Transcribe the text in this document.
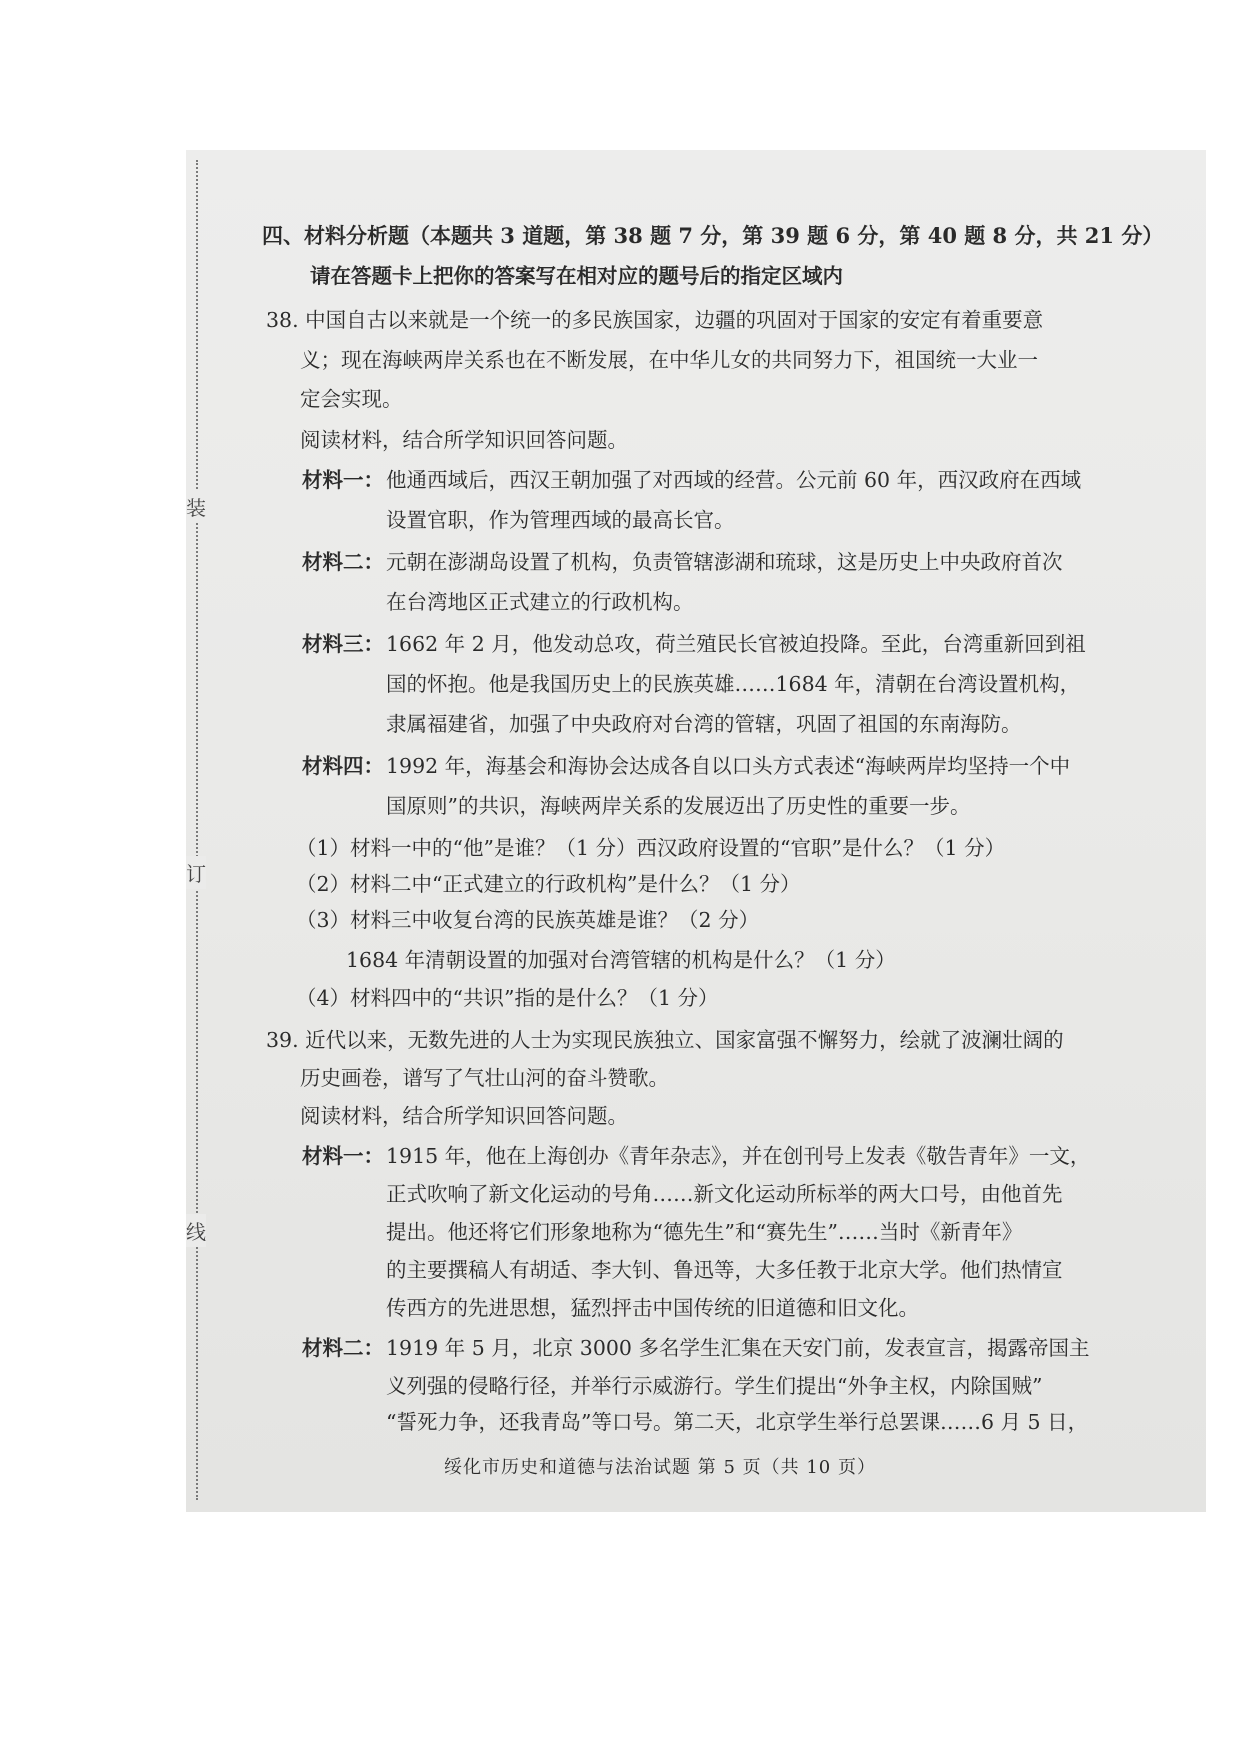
装
订
线
四、材料分析题（本题共 3 道题，第 38 题 7 分，第 39 题 6 分，第 40 题 8 分，共 21 分）
请在答题卡上把你的答案写在相对应的题号后的指定区域内
38. 中国自古以来就是一个统一的多民族国家，边疆的巩固对于国家的安定有着重要意
义；现在海峡两岸关系也在不断发展，在中华儿女的共同努力下，祖国统一大业一
定会实现。
阅读材料，结合所学知识回答问题。
材料一： 他通西域后，西汉王朝加强了对西域的经营。公元前 60 年，西汉政府在西域
设置官职，作为管理西域的最高长官。
材料二： 元朝在澎湖岛设置了机构，负责管辖澎湖和琉球，这是历史上中央政府首次
在台湾地区正式建立的行政机构。
材料三： 1662 年 2 月，他发动总攻，荷兰殖民长官被迫投降。至此，台湾重新回到祖
国的怀抱。他是我国历史上的民族英雄……1684 年，清朝在台湾设置机构，
隶属福建省，加强了中央政府对台湾的管辖，巩固了祖国的东南海防。
材料四： 1992 年，海基会和海协会达成各自以口头方式表述“海峡两岸均坚持一个中
国原则”的共识，海峡两岸关系的发展迈出了历史性的重要一步。
（1）材料一中的“他”是谁？（1 分）西汉政府设置的“官职”是什么？（1 分）
（2）材料二中“正式建立的行政机构”是什么？（1 分）
（3）材料三中收复台湾的民族英雄是谁？（2 分）
1684 年清朝设置的加强对台湾管辖的机构是什么？（1 分）
（4）材料四中的“共识”指的是什么？（1 分）
39. 近代以来，无数先进的人士为实现民族独立、国家富强不懈努力，绘就了波澜壮阔的
历史画卷，谱写了气壮山河的奋斗赞歌。
阅读材料，结合所学知识回答问题。
材料一： 1915 年，他在上海创办《青年杂志》，并在创刊号上发表《敬告青年》一文，
正式吹响了新文化运动的号角……新文化运动所标举的两大口号，由他首先
提出。他还将它们形象地称为“德先生”和“赛先生”……当时《新青年》
的主要撰稿人有胡适、李大钊、鲁迅等，大多任教于北京大学。他们热情宣
传西方的先进思想，猛烈抨击中国传统的旧道德和旧文化。
材料二： 1919 年 5 月，北京 3000 多名学生汇集在天安门前，发表宣言，揭露帝国主
义列强的侵略行径，并举行示威游行。学生们提出“外争主权，内除国贼”
“誓死力争，还我青岛”等口号。第二天，北京学生举行总罢课……6 月 5 日，
绥化市历史和道德与法治试题 第 5 页（共 10 页）
